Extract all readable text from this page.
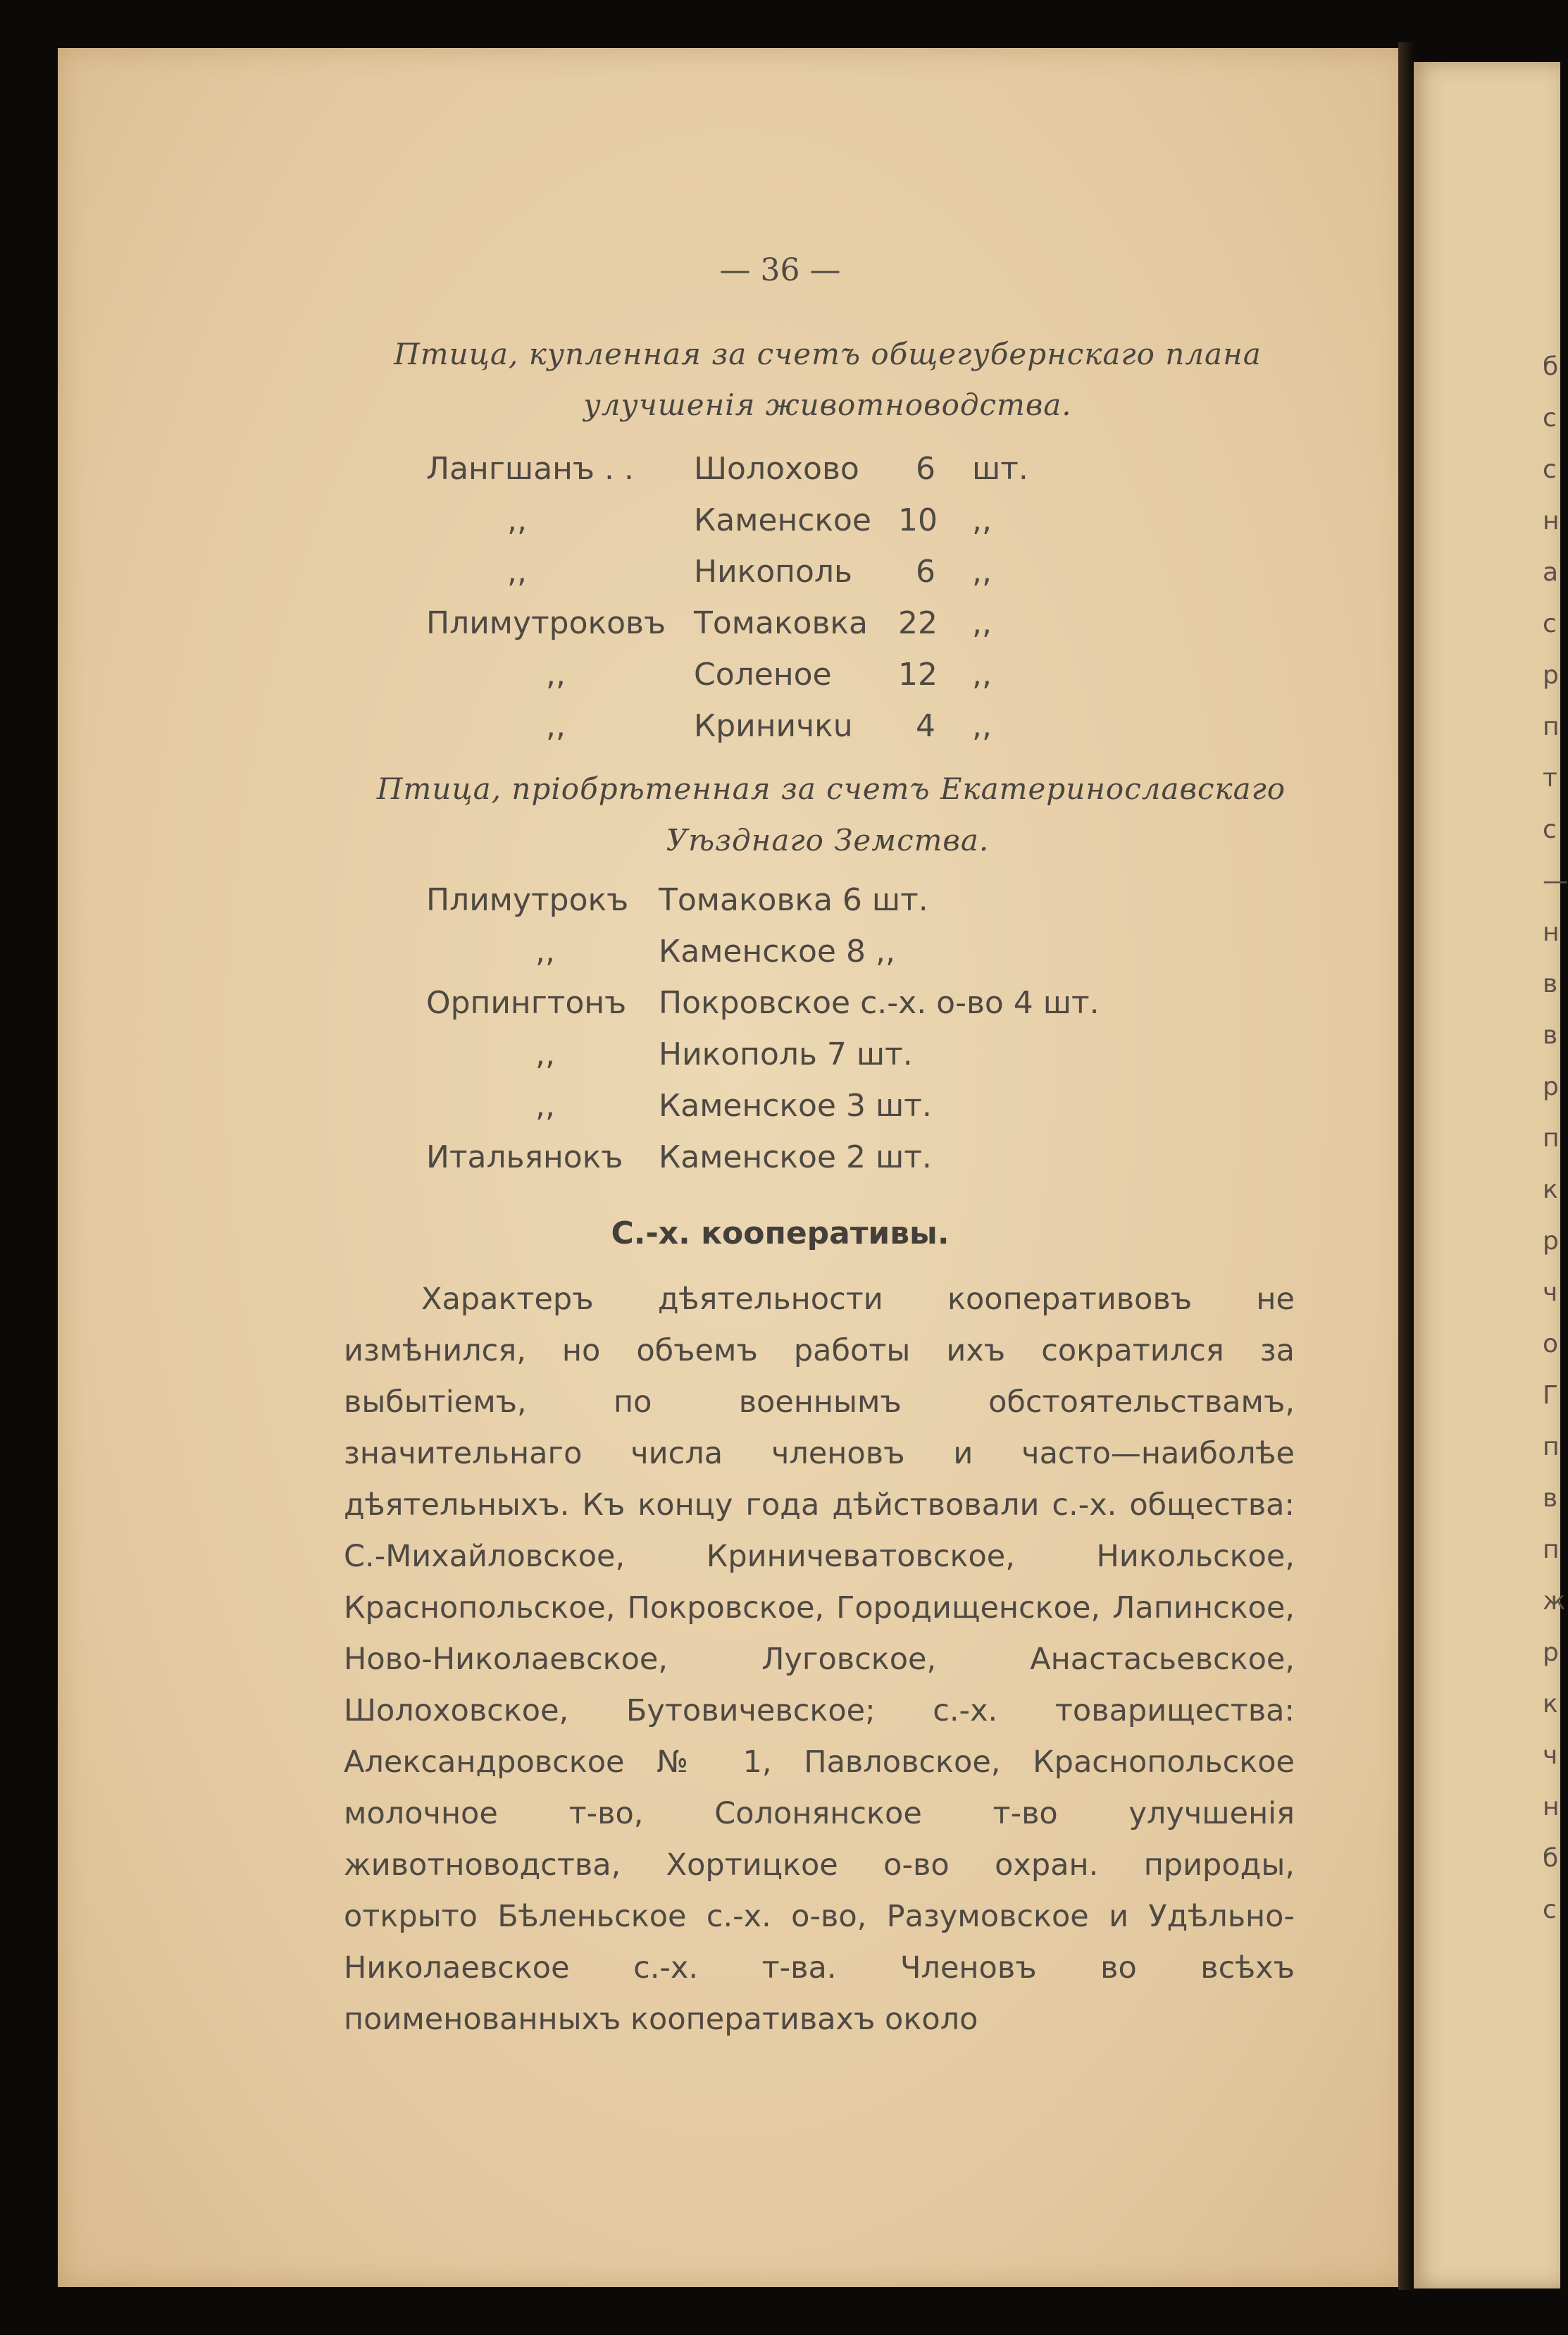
б
с
с
н
а
с
р
п
т
с
—
н
в
в
р
п
к
р
ч
о
Г
п
в
п
ж
р
к
ч
н
б
с
— 36 —
Птица, купленная за счетъ общегубернскаго плана
улучшенія животноводства.
Лангшанъ . . Шолохово 6 шт.
,,	Каменское 10 ,,
,,	Никополь 6 ,,
Плимутроковъ Томаковка 22 ,,
,,	Соленое 12 ,,
,,	Криничкu 4 ,,
Птица, пріобрѣтенная за счетъ Екатеринославскаго
Уѣзднаго Земства.
Плимутрокъ Томаковка 6 шт.
,,	Каменское 8 ,,
Орпингтонъ Покровское с.-х. о-во 4 шт.
,,	Никополь 7 шт.
,,	Каменское 3 шт.
Итальянокъ Каменское 2 шт.
С.-х. кооперативы.
Характеръ дѣятельности кооперативовъ не измѣнился, но объемъ работы ихъ сократился за выбытіемъ, по военнымъ обстоятельствамъ, значительнаго числа членовъ и часто—наиболѣе дѣятельныхъ. Къ концу года дѣйствовали с.-х. общества: С.-Михайловское, Криничеватовское, Никольское, Краснопольское, Покровское, Городищенское, Лапинское, Ново-Николаевское, Луговское, Анастасьевское, Шолоховское, Бутовичевское; с.-х. товарищества: Александровское № 1, Павловское, Краснопольское молочное т-во, Солонянское т-во улучшенія животноводства, Хортицкое о-во охран. природы, открыто Бѣленьское с.-х. о-во, Разумовское и Удѣльно-Николаевское с.-х. т-ва. Членовъ во всѣхъ поименованныхъ кооперативахъ около
